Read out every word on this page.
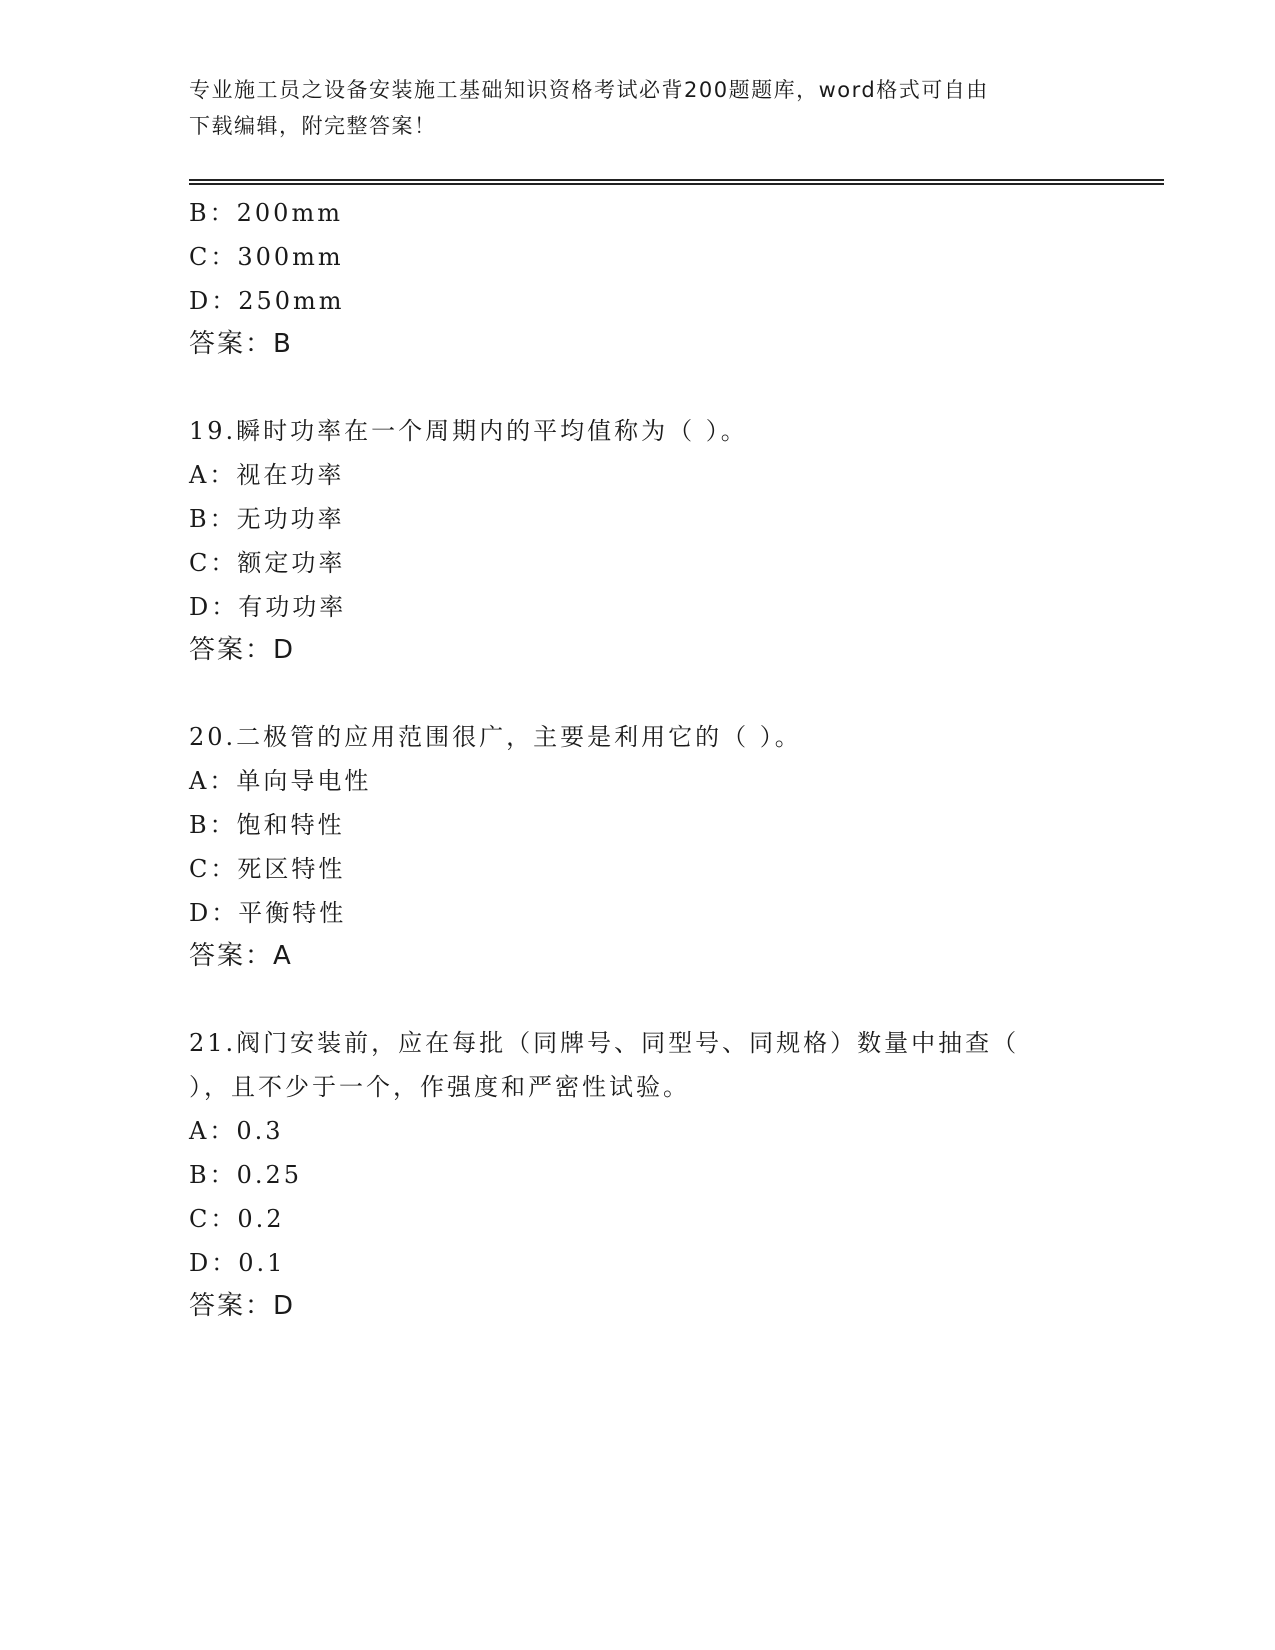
专业施工员之设备安装施工基础知识资格考试必背200题题库，word格式可自由
下载编辑，附完整答案！
B：200mm
C：300mm
D：250mm
答案：B
19.瞬时功率在一个周期内的平均值称为（ ）。
A：视在功率
B：无功功率
C：额定功率
D：有功功率
答案：D
20.二极管的应用范围很广，主要是利用它的（ ）。
A：单向导电性
B：饱和特性
C：死区特性
D：平衡特性
答案：A
21.阀门安装前，应在每批（同牌号、同型号、同规格）数量中抽查（
），且不少于一个，作强度和严密性试验。
A：0.3
B：0.25
C：0.2
D：0.1
答案：D
